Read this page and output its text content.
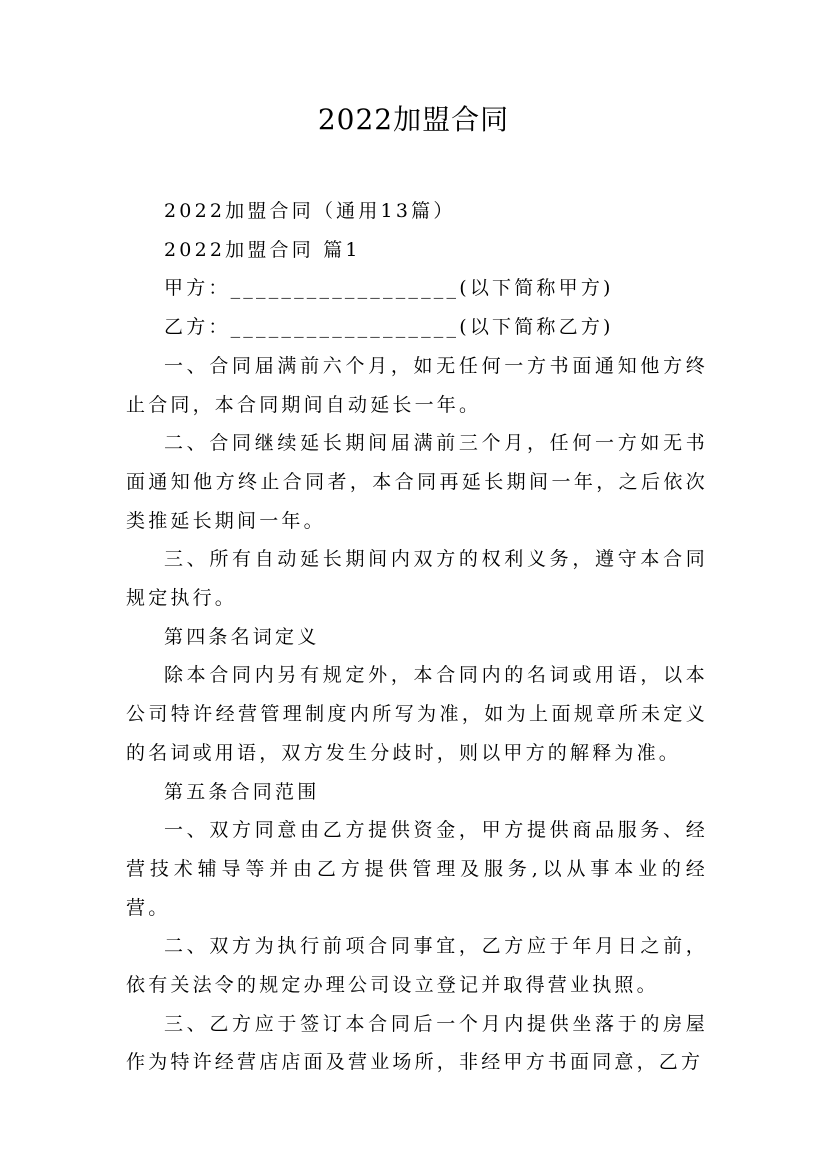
2022加盟合同

2022加盟合同（通用13篇）

2022加盟合同 篇1

甲方：__________________(以下简称甲方)

乙方：__________________(以下简称乙方)

一、合同届满前六个月，如无任何一方书面通知他方终止合同，本合同期间自动延长一年。

二、合同继续延长期间届满前三个月，任何一方如无书面通知他方终止合同者，本合同再延长期间一年，之后依次类推延长期间一年。

三、所有自动延长期间内双方的权利义务，遵守本合同规定执行。

第四条名词定义

除本合同内另有规定外，本合同内的名词或用语，以本公司特许经营管理制度内所写为准，如为上面规章所未定义的名词或用语，双方发生分歧时，则以甲方的解释为准。

第五条合同范围

一、双方同意由乙方提供资金，甲方提供商品服务、经营技术辅导等并由乙方提供管理及服务,以从事本业的经营。

二、双方为执行前项合同事宜，乙方应于年月日之前，依有关法令的规定办理公司设立登记并取得营业执照。

三、乙方应于签订本合同后一个月内提供坐落于的房屋作为特许经营店店面及营业场所，非经甲方书面同意，乙方
